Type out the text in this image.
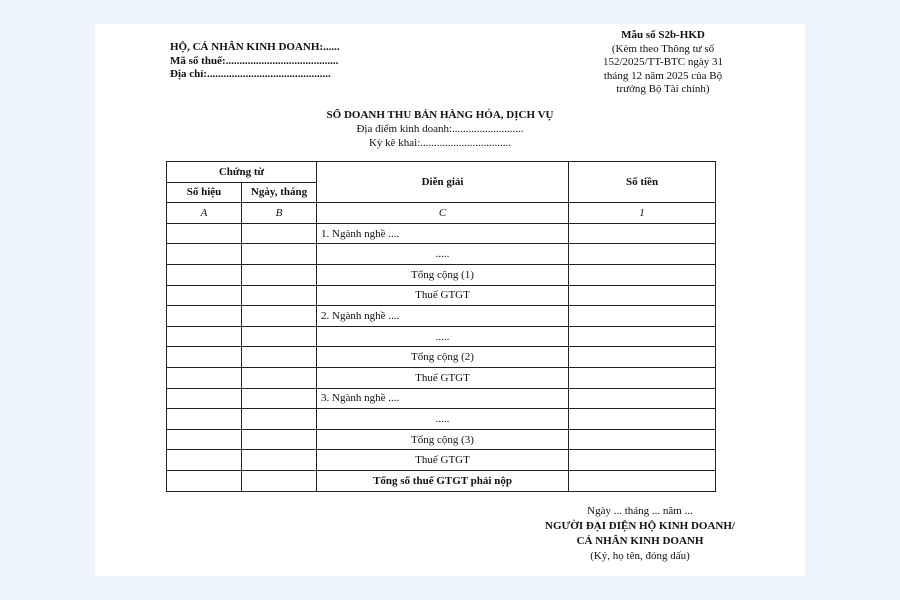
HỘ, CÁ NHÂN KINH DOANH:......
Mã số thuế:.........................................
Địa chỉ:.............................................
Mẫu số S2b-HKD
(Kèm theo Thông tư số
152/2025/TT-BTC ngày 31
tháng 12 năm 2025 của Bộ
trưởng Bộ Tài chính)
SỔ DOANH THU BÁN HÀNG HÓA, DỊCH VỤ
Địa điểm kinh doanh:..........................
Kỳ kê khai:.................................
Chứng từ		Diễn giải	Số tiền
Số hiệu	Ngày, tháng		
A	B	C	1
		1. Ngành nghề ....	
		.....	
		Tổng cộng (1)	
		Thuế GTGT	
		2. Ngành nghề ....	
		.....	
		Tổng cộng (2)	
		Thuế GTGT	
		3. Ngành nghề ....	
		.....	
		Tổng cộng (3)	
		Thuế GTGT	
		Tổng số thuế GTGT phải nộp	
Ngày ... tháng ... năm ...
NGƯỜI ĐẠI DIỆN HỘ KINH DOANH/
CÁ NHÂN KINH DOANH
(Ký, họ tên, đóng dấu)
